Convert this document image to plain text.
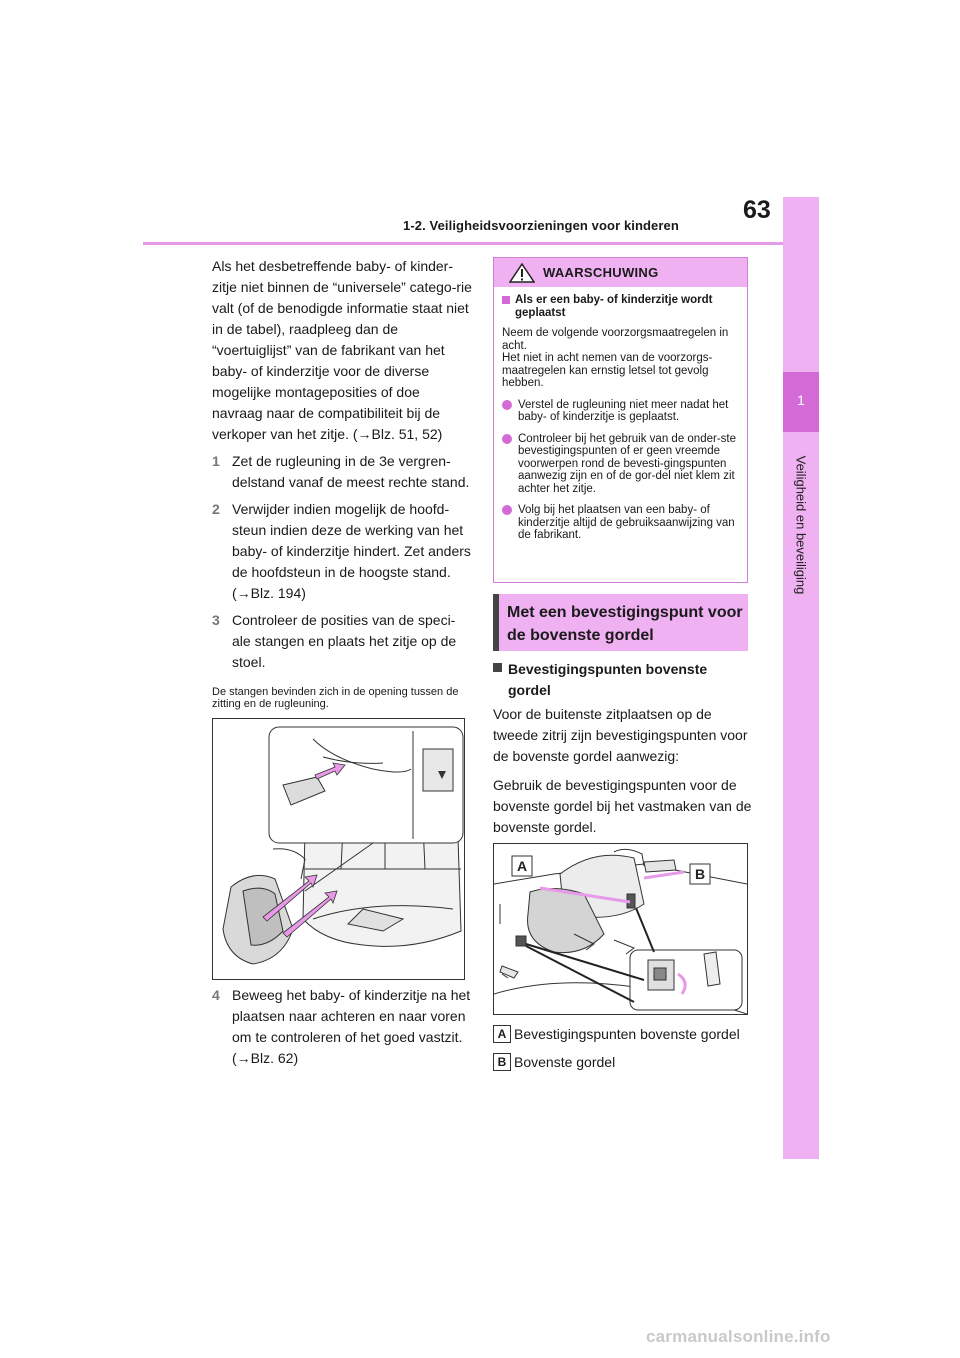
63
1-2. Veiligheidsvoorzieningen voor kinderen
1
Veiligheid en beveiliging

Als het desbetreffende baby- of kinder-zitje niet binnen de “universele” catego-rie valt (of de benodigde informatie staat niet in de tabel), raadpleeg dan de “voertuiglijst” van de fabrikant van het baby- of kinderzitje voor de diverse mogelijke montageposities of doe navraag naar de compatibiliteit bij de verkoper van het zitje. (→Blz. 51, 52)

1 Zet de rugleuning in de 3e vergren-delstand vanaf de meest rechte stand.
2 Verwijder indien mogelijk de hoofd-steun indien deze de werking van het baby- of kinderzitje hindert. Zet anders de hoofdsteun in de hoogste stand. (→Blz. 194)
3 Controleer de posities van de speci-ale stangen en plaats het zitje op de stoel.
De stangen bevinden zich in de opening tussen de zitting en de rugleuning.
4 Beweeg het baby- of kinderzitje na het plaatsen naar achteren en naar voren om te controleren of het goed vastzit. (→Blz. 62)
WAARSCHUWING
Als er een baby- of kinderzitje wordt geplaatst
Neem de volgende voorzorgsmaatregelen in acht.
Het niet in acht nemen van de voorzorgs-maatregelen kan ernstig letsel tot gevolg hebben.
Verstel de rugleuning niet meer nadat het baby- of kinderzitje is geplaatst.
Controleer bij het gebruik van de onder-ste bevestigingspunten of er geen vreemde voorwerpen rond de bevesti-gingspunten aanwezig zijn en of de gor-del niet klem zit achter het zitje.
Volg bij het plaatsen van een baby- of kinderzitje altijd de gebruiksaanwijzing van de fabrikant.
Met een bevestigingspunt voor de bovenste gordel
Bevestigingspunten bovenste gordel

Voor de buitenste zitplaatsen op de tweede zitrij zijn bevestigingspunten voor de bovenste gordel aanwezig:

Gebruik de bevestigingspunten voor de bovenste gordel bij het vastmaken van de bovenste gordel.

A	B
A Bevestigingspunten bovenste gordel
B Bovenste gordel
carmanualsonline.info
